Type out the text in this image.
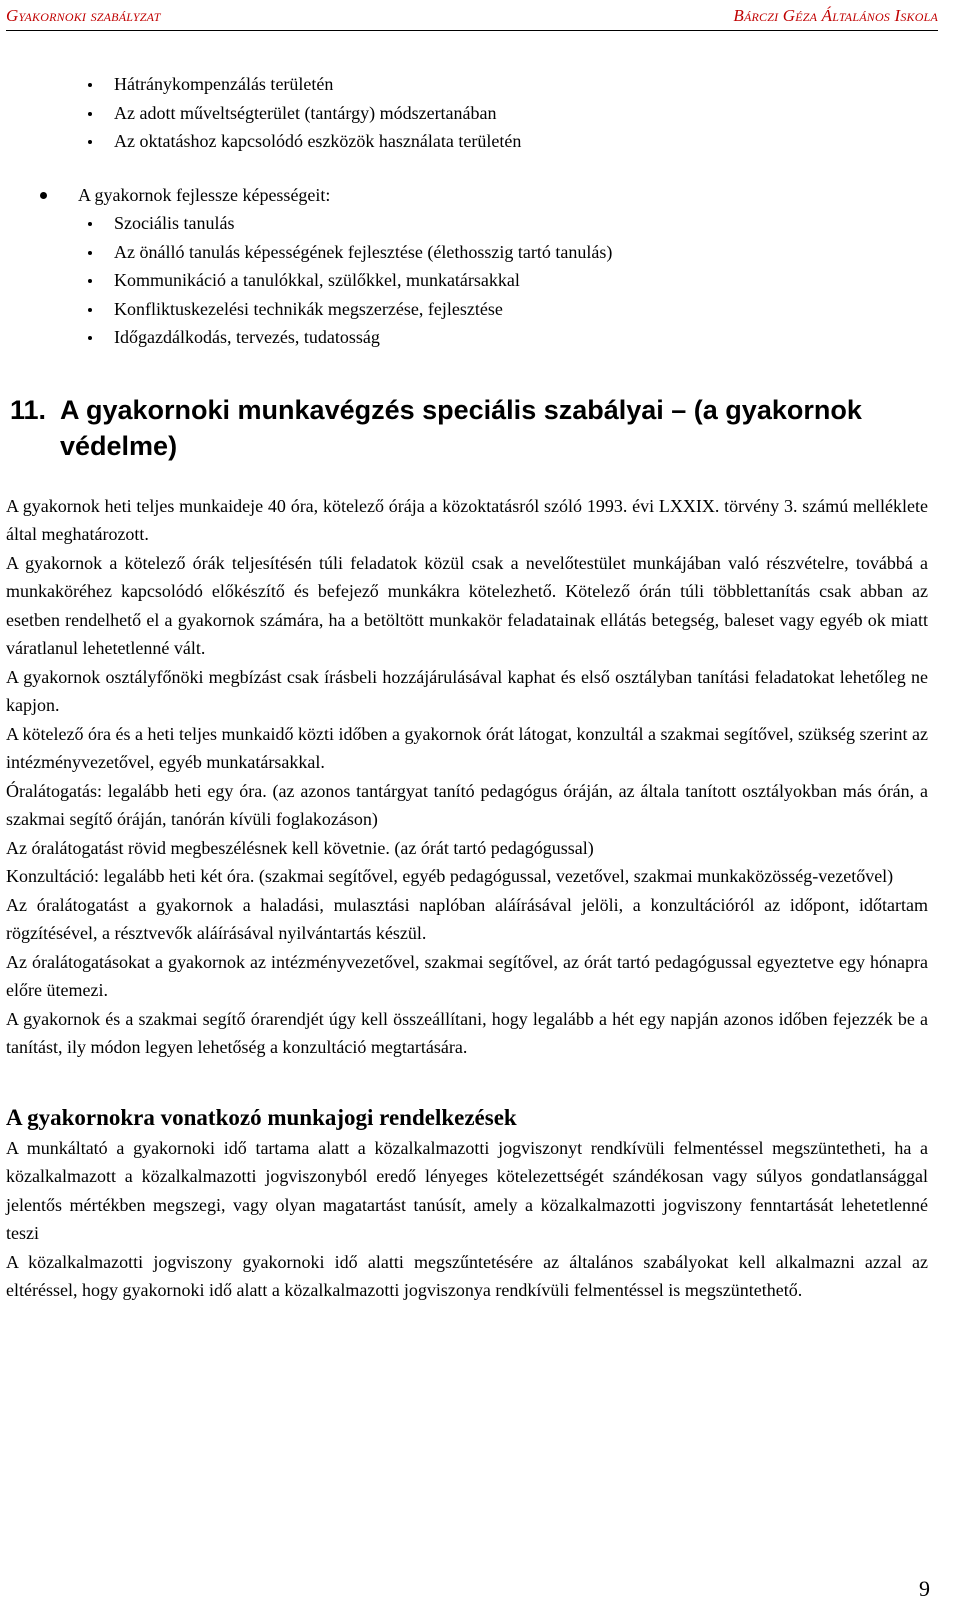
Gyakornoki szabályzat	Bárczi Géza Általános Iskola
Hátránykompenzálás területén
Az adott műveltségterület (tantárgy) módszertanában
Az oktatáshoz kapcsolódó eszközök használata területén
A gyakornok fejlessze képességeit:
Szociális tanulás
Az önálló tanulás képességének fejlesztése (élethosszig tartó tanulás)
Kommunikáció a tanulókkal, szülőkkel, munkatársakkal
Konfliktuskezelési technikák megszerzése, fejlesztése
Időgazdálkodás, tervezés, tudatosság
11. A gyakornoki munkavégzés speciális szabályai – (a gyakornok védelme)

A gyakornok heti teljes munkaideje 40 óra, kötelező órája a közoktatásról szóló 1993. évi LXXIX. törvény 3. számú melléklete által meghatározott.

A gyakornok a kötelező órák teljesítésén túli feladatok közül csak a nevelőtestület munkájában való részvételre, továbbá a munkaköréhez kapcsolódó előkészítő és befejező munkákra kötelezhető. Kötelező órán túli többlettanítás csak abban az esetben rendelhető el a gyakornok számára, ha a betöltött munkakör feladatainak ellátás betegség, baleset vagy egyéb ok miatt váratlanul lehetetlenné vált.

A gyakornok osztályfőnöki megbízást csak írásbeli hozzájárulásával kaphat és első osztályban tanítási feladatokat lehetőleg ne kapjon.

A kötelező óra és a heti teljes munkaidő közti időben a gyakornok órát látogat, konzultál a szakmai segítővel, szükség szerint az intézményvezetővel, egyéb munkatársakkal.

Óralátogatás: legalább heti egy óra. (az azonos tantárgyat tanító pedagógus óráján, az általa tanított osztályokban más órán, a szakmai segítő óráján, tanórán kívüli foglakozáson)

Az óralátogatást rövid megbeszélésnek kell követnie. (az órát tartó pedagógussal)

Konzultáció: legalább heti két óra. (szakmai segítővel, egyéb pedagógussal, vezetővel, szakmai munkaközösség-vezetővel)

Az óralátogatást a gyakornok a haladási, mulasztási naplóban aláírásával jelöli, a konzultációról az időpont, időtartam rögzítésével, a résztvevők aláírásával nyilvántartás készül.

Az óralátogatásokat a gyakornok az intézményvezetővel, szakmai segítővel, az órát tartó pedagógussal egyeztetve egy hónapra előre ütemezi.

A gyakornok és a szakmai segítő órarendjét úgy kell összeállítani, hogy legalább a hét egy napján azonos időben fejezzék be a tanítást, ily módon legyen lehetőség a konzultáció megtartására.

A gyakornokra vonatkozó munkajogi rendelkezések

A munkáltató a gyakornoki idő tartama alatt a közalkalmazotti jogviszonyt rendkívüli felmentéssel megszüntetheti, ha a közalkalmazott a közalkalmazotti jogviszonyból eredő lényeges kötelezettségét szándékosan vagy súlyos gondatlansággal jelentős mértékben megszegi, vagy olyan magatartást tanúsít, amely a közalkalmazotti jogviszony fenntartását lehetetlenné teszi

A közalkalmazotti jogviszony gyakornoki idő alatti megszűntetésére az általános szabályokat kell alkalmazni azzal az eltéréssel, hogy gyakornoki idő alatt a közalkalmazotti jogviszonya rendkívüli felmentéssel is megszüntethető.

9
